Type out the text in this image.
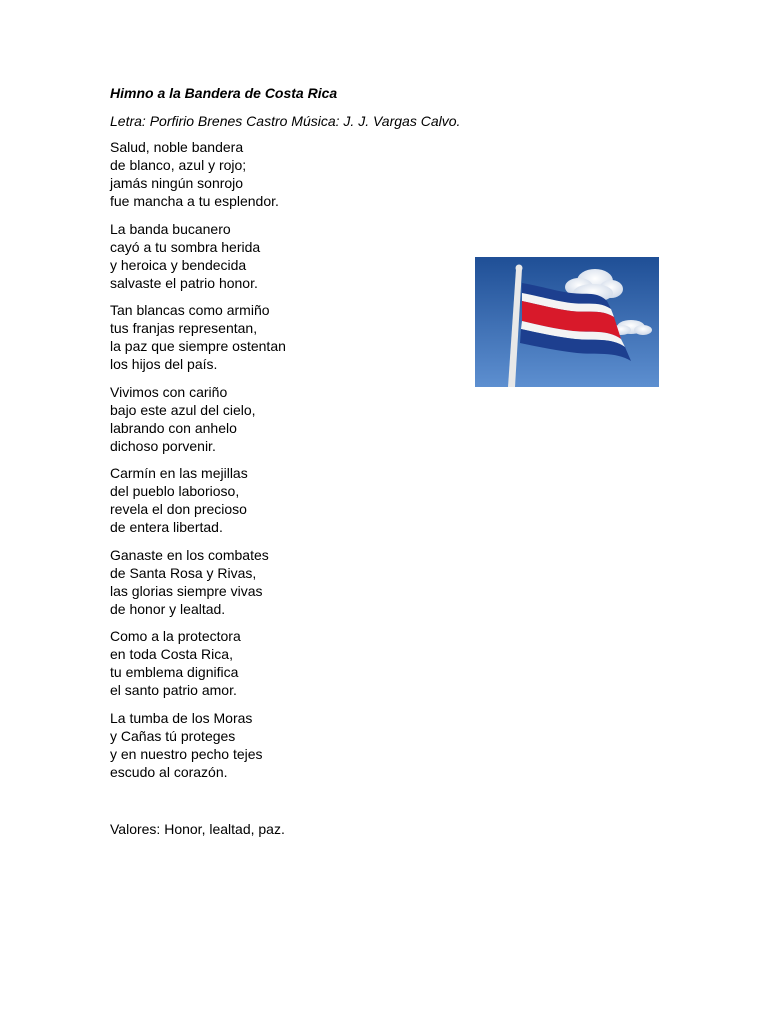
Himno a la Bandera de Costa Rica
Letra: Porfirio Brenes Castro Música: J. J. Vargas Calvo.
Salud, noble bandera
de blanco, azul y rojo;
jamás ningún sonrojo
fue mancha a tu esplendor.
La banda bucanero
cayó a tu sombra herida
y heroica y bendecida
salvaste el patrio honor.
Tan blancas como armiño
tus franjas representan,
la paz que siempre ostentan
los hijos del país.
Vivimos con cariño
bajo este azul del cielo,
labrando con anhelo
dichoso porvenir.
Carmín en las mejillas
del pueblo laborioso,
revela el don precioso
de entera libertad.
Ganaste en los combates
de Santa Rosa y Rivas,
las glorias siempre vivas
de honor y lealtad.
Como a la protectora
en toda Costa Rica,
tu emblema dignifica
el santo patrio amor.
La tumba de los Moras
y Cañas tú proteges
y en nuestro pecho tejes
escudo al corazón.
Valores: Honor, lealtad, paz.
